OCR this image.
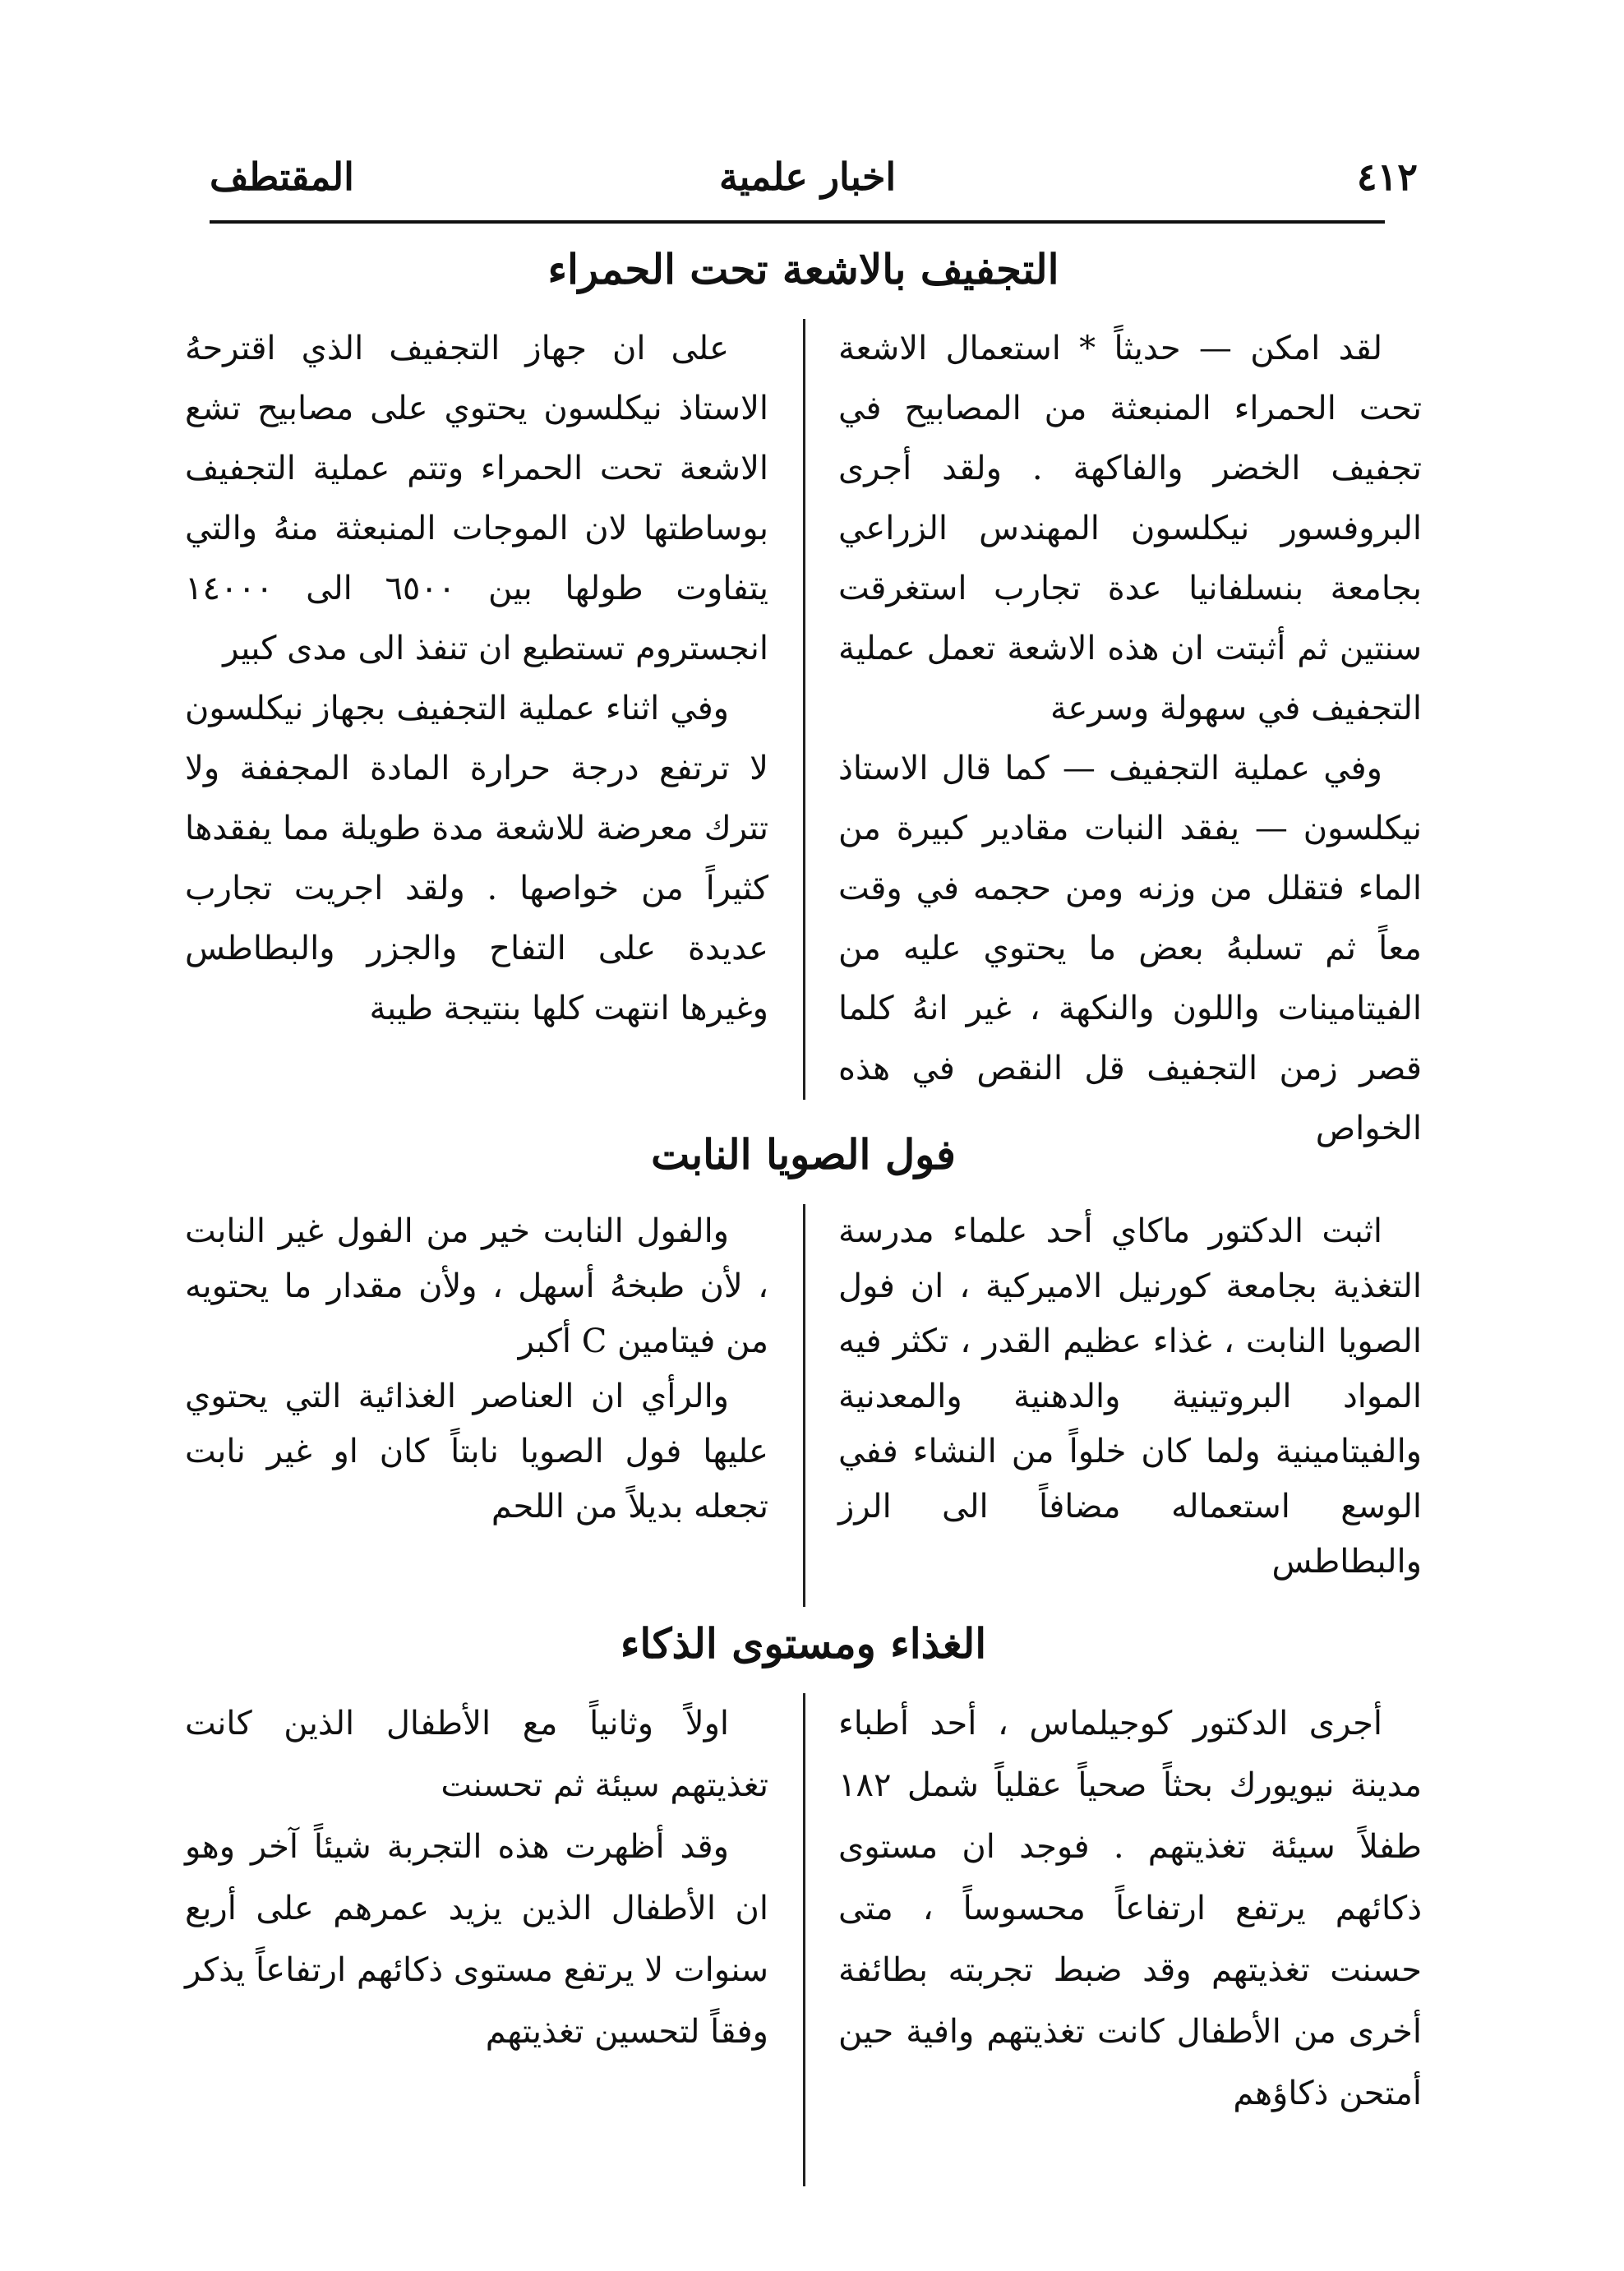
٤١٢
اخبار علمية
المقتطف
التجفيف بالاشعة تحت الحمراء

لقد امكن — حديثاً * استعمال الاشعة تحت الحمراء المنبعثة من المصابيح في تجفيف الخضر والفاكهة . ولقد أجرى البروفسور نيكلسون المهندس الزراعي بجامعة بنسلفانيا عدة تجارب استغرقت سنتين ثم أثبتت ان هذه الاشعة تعمل عملية التجفيف في سهولة وسرعة

وفي عملية التجفيف — كما قال الاستاذ نيكلسون — يفقد النبات مقادير كبيرة من الماء فتقلل من وزنه ومن حجمه في وقت معاً ثم تسلبهُ بعض ما يحتوي عليه من الفيتامينات واللون والنكهة ، غير انهُ كلما قصر زمن التجفيف قل النقص في هذه الخواص

على ان جهاز التجفيف الذي اقترحهُ الاستاذ نيكلسون يحتوي على مصابيح تشع الاشعة تحت الحمراء وتتم عملية التجفيف بوساطتها لان الموجات المنبعثة منهُ والتي يتفاوت طولها بين ٦٥٠٠ الى ١٤٠٠٠ انجستروم تستطيع ان تنفذ الى مدى كبير

وفي اثناء عملية التجفيف بجهاز نيكلسون لا ترتفع درجة حرارة المادة المجففة ولا تترك معرضة للاشعة مدة طويلة مما يفقدها كثيراً من خواصها . ولقد اجريت تجارب عديدة على التفاح والجزر والبطاطس وغيرها انتهت كلها بنتيجة طيبة

فول الصويا النابت

اثبت الدكتور ماكاي أحد علماء مدرسة التغذية بجامعة كورنيل الاميركية ، ان فول الصويا النابت ، غذاء عظيم القدر ، تكثر فيه المواد البروتينية والدهنية والمعدنية والفيتامينية ولما كان خلواً من النشاء ففي الوسع استعماله مضافاً الى الرز والبطاطس

والفول النابت خير من الفول غير النابت ، لأن طبخهُ أسهل ، ولأن مقدار ما يحتويه من فيتامين C أكبر

والرأي ان العناصر الغذائية التي يحتوي عليها فول الصويا نابتاً كان او غير نابت تجعله بديلاً من اللحم

الغذاء ومستوى الذكاء

أجرى الدكتور كوجيلماس ، أحد أطباء مدينة نيويورك بحثاً صحياً عقلياً شمل ١٨٢ طفلاً سيئة تغذيتهم . فوجد ان مستوى ذكائهم يرتفع ارتفاعاً محسوساً ، متى حسنت تغذيتهم وقد ضبط تجربته بطائفة أخرى من الأطفال كانت تغذيتهم وافية حين أمتحن ذكاؤهم

اولاً وثانياً مع الأطفال الذين كانت تغذيتهم سيئة ثم تحسنت

وقد أظهرت هذه التجربة شيئاً آخر وهو ان الأطفال الذين يزيد عمرهم على أربع سنوات لا يرتفع مستوى ذكائهم ارتفاعاً يذكر وفقاً لتحسين تغذيتهم
